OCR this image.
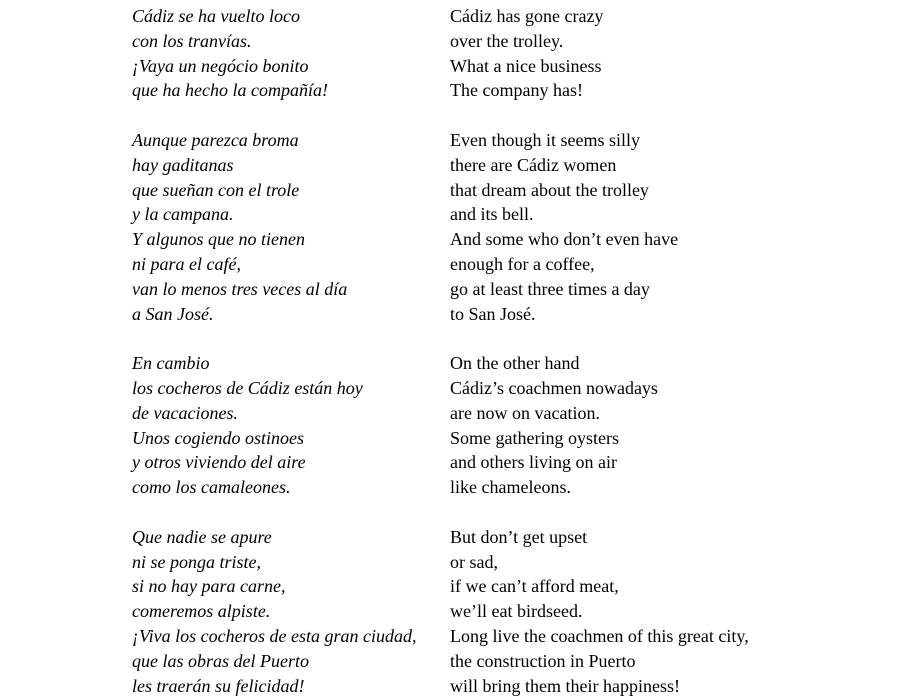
Cádiz se ha vuelto loco
con los tranvías.
¡Vaya un negócio bonito
que ha hecho la compañía!
Aunque parezca broma
hay gaditanas
que sueñan con el trole
y la campana.
Y algunos que no tienen
ni para el café,
van lo menos tres veces al día
a San José.
En cambio
los cocheros de Cádiz están hoy
de vacaciones.
Unos cogiendo ostinoes
y otros viviendo del aire
como los camaleones.
Que nadie se apure
ni se ponga triste,
si no hay para carne,
comeremos alpiste.
¡Viva los cocheros de esta gran ciudad,
que las obras del Puerto
les traerán su felicidad!
Cádiz has gone crazy
over the trolley.
What a nice business
The company has!
Even though it seems silly
there are Cádiz women
that dream about the trolley
and its bell.
And some who don’t even have
enough for a coffee,
go at least three times a day
to San José.
On the other hand
Cádiz’s coachmen nowadays
are now on vacation.
Some gathering oysters
and others living on air
like chameleons.
But don’t get upset
or sad,
if we can’t afford meat,
we’ll eat birdseed.
Long live the coachmen of this great city,
the construction in Puerto
will bring them their happiness!
